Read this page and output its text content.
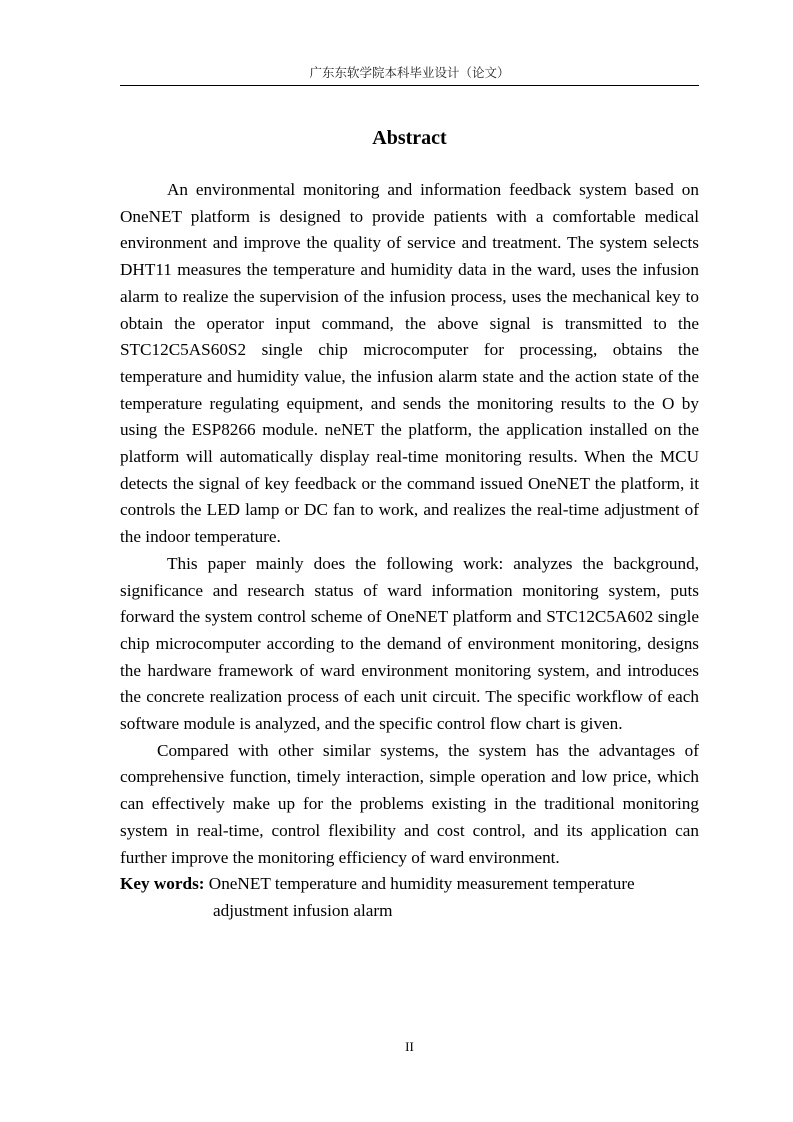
广东东软学院本科毕业设计（论文）
Abstract

An environmental monitoring and information feedback system based on OneNET platform is designed to provide patients with a comfortable medical environment and improve the quality of service and treatment. The system selects DHT11 measures the temperature and humidity data in the ward, uses the infusion alarm to realize the supervision of the infusion process, uses the mechanical key to obtain the operator input command, the above signal is transmitted to the STC12C5AS60S2 single chip microcomputer for processing, obtains the temperature and humidity value, the infusion alarm state and the action state of the temperature regulating equipment, and sends the monitoring results to the O by using the ESP8266 module. neNET the platform, the application installed on the platform will automatically display real-time monitoring results. When the MCU detects the signal of key feedback or the command issued OneNET the platform, it controls the LED lamp or DC fan to work, and realizes the real-time adjustment of the indoor temperature.

This paper mainly does the following work: analyzes the background, significance and research status of ward information monitoring system, puts forward the system control scheme of OneNET platform and STC12C5A602 single chip microcomputer according to the demand of environment monitoring, designs the hardware framework of ward environment monitoring system, and introduces the concrete realization process of each unit circuit. The specific workflow of each software module is analyzed, and the specific control flow chart is given.

Compared with other similar systems, the system has the advantages of comprehensive function, timely interaction, simple operation and low price, which can effectively make up for the problems existing in the traditional monitoring system in real-time, control flexibility and cost control, and its application can further improve the monitoring efficiency of ward environment.

Key words: OneNET temperature and humidity measurement temperature adjustment infusion alarm

II
